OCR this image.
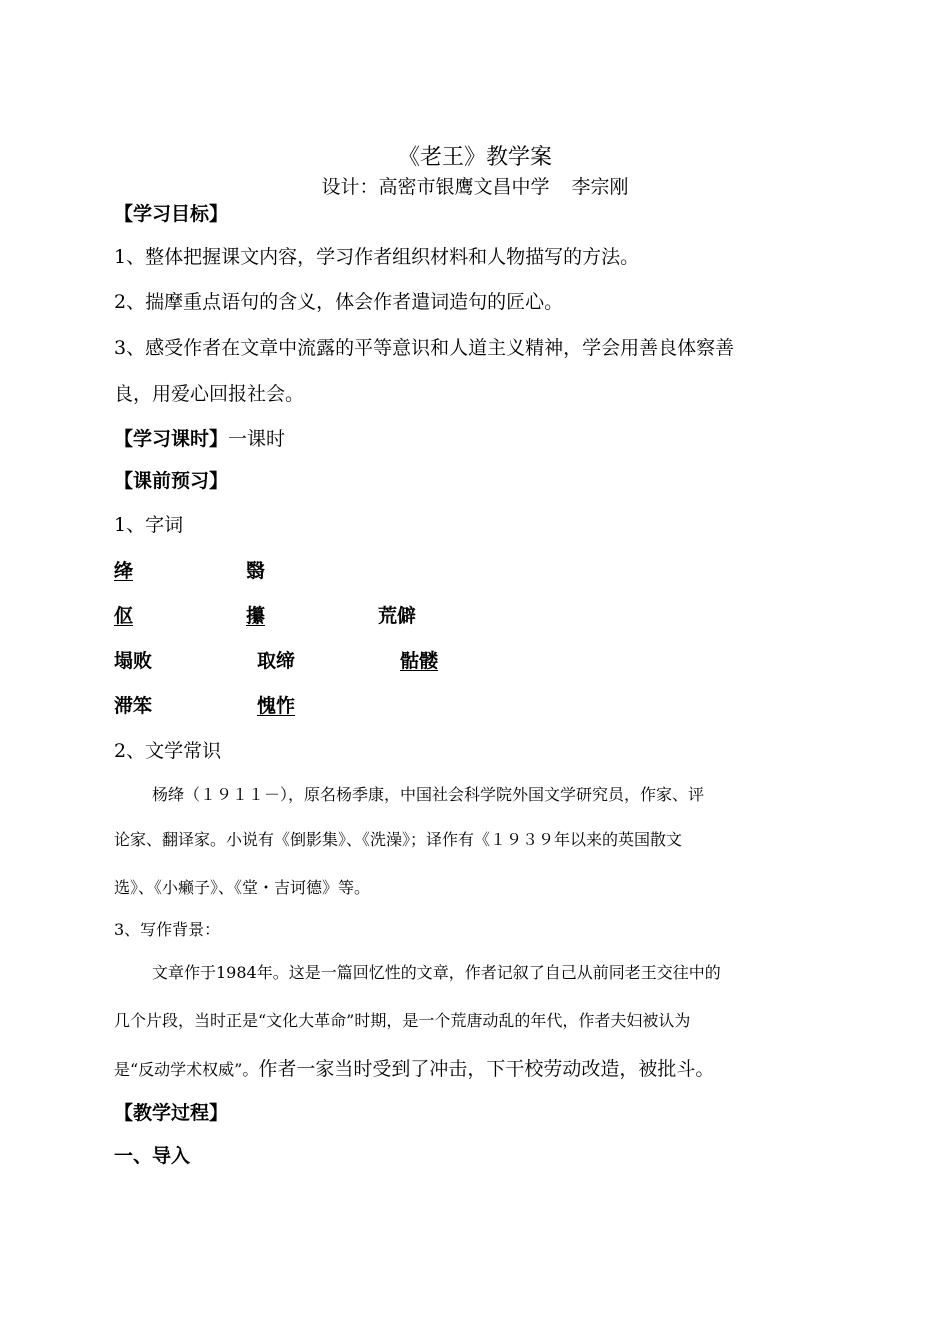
《老王》教学案
设计：高密市银鹰文昌中学 李宗刚
【学习目标】
1、整体把握课文内容，学习作者组织材料和人物描写的方法。
2、揣摩重点语句的含义，体会作者遣词造句的匠心。
3、感受作者在文章中流露的平等意识和人道主义精神，学会用善良体察善
良，用爱心回报社会。
【学习课时】一课时
【课前预习】
1、字词
绛	翳
伛	攥	荒僻
塌败	取缔	骷髅
滞笨	愧怍
2、文学常识
杨绛（１９１１－），原名杨季康，中国社会科学院外国文学研究员，作家、评
论家、翻译家。小说有《倒影集》、《洗澡》；译作有《１９３９年以来的英国散文
选》、《小癞子》、《堂・吉诃德》等。
3、写作背景：
文章作于1984年。这是一篇回忆性的文章，作者记叙了自己从前同老王交往中的
几个片段，当时正是“文化大革命”时期，是一个荒唐动乱的年代，作者夫妇被认为
是“反动学术权威”。作者一家当时受到了冲击，下干校劳动改造，被批斗。
【教学过程】
一、导入
